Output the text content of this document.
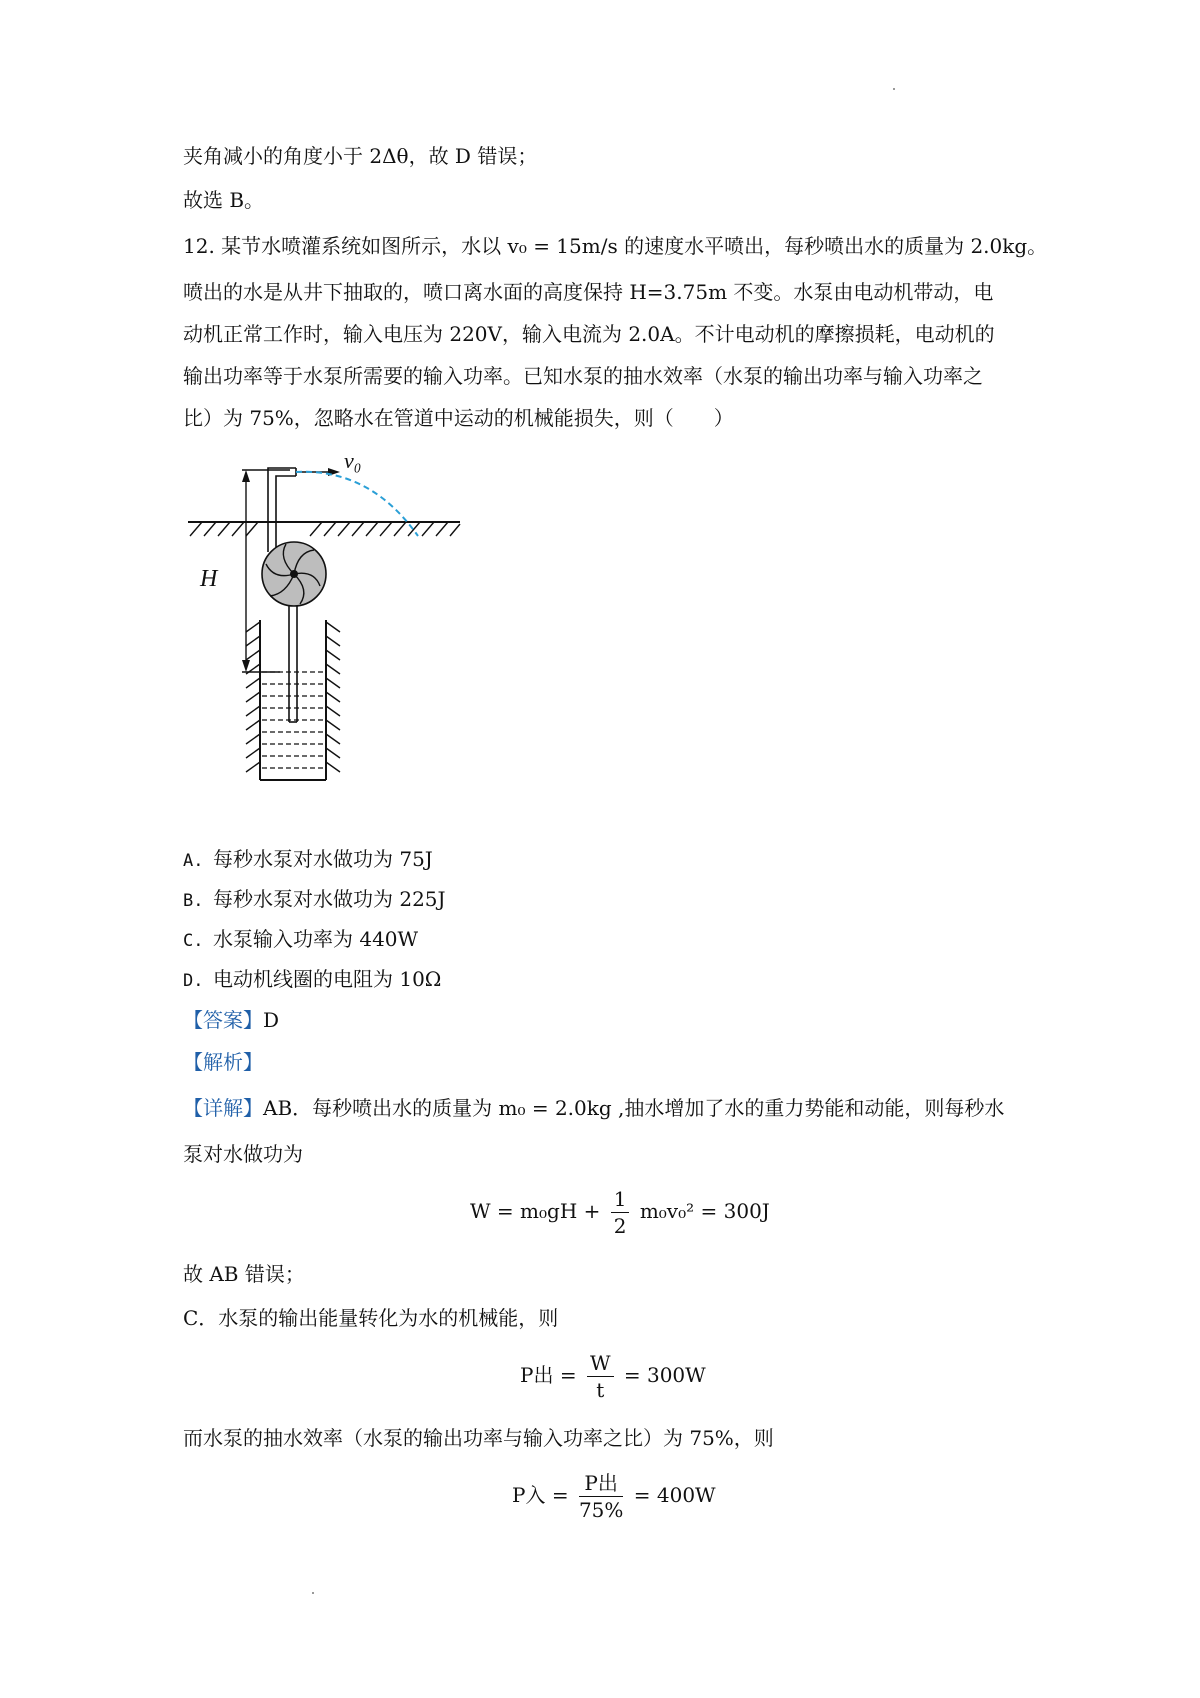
夹角减小的角度小于 2Δθ，故 D 错误；
故选 B。
12. 某节水喷灌系统如图所示，水以 v₀ = 15m/s 的速度水平喷出，每秒喷出水的质量为 2.0kg。
喷出的水是从井下抽取的，喷口离水面的高度保持 H=3.75m 不变。水泵由电动机带动，电
动机正常工作时，输入电压为 220V，输入电流为 2.0A。不计电动机的摩擦损耗，电动机的
输出功率等于水泵所需要的输入功率。已知水泵的抽水效率（水泵的输出功率与输入功率之
比）为 75%，忽略水在管道中运动的机械能损失，则（　　）
H
v₀
A. 每秒水泵对水做功为 75J
B. 每秒水泵对水做功为 225J
C. 水泵输入功率为 440W
D. 电动机线圈的电阻为 10Ω
【答案】D
【解析】
【详解】AB．每秒喷出水的质量为 m₀ = 2.0kg ,抽水增加了水的重力势能和动能，则每秒水
泵对水做功为
$W = m_0gH + \frac{1}{2} m_0v_0^2 = 300J$
故 AB 错误；
C．水泵的输出能量转化为水的机械能，则
P出 = $\frac{W}{t} = 300W$
而水泵的抽水效率（水泵的输出功率与输入功率之比）为 75%，则
P入 = $\frac{\text{P出}}{75\%} = 400W$
